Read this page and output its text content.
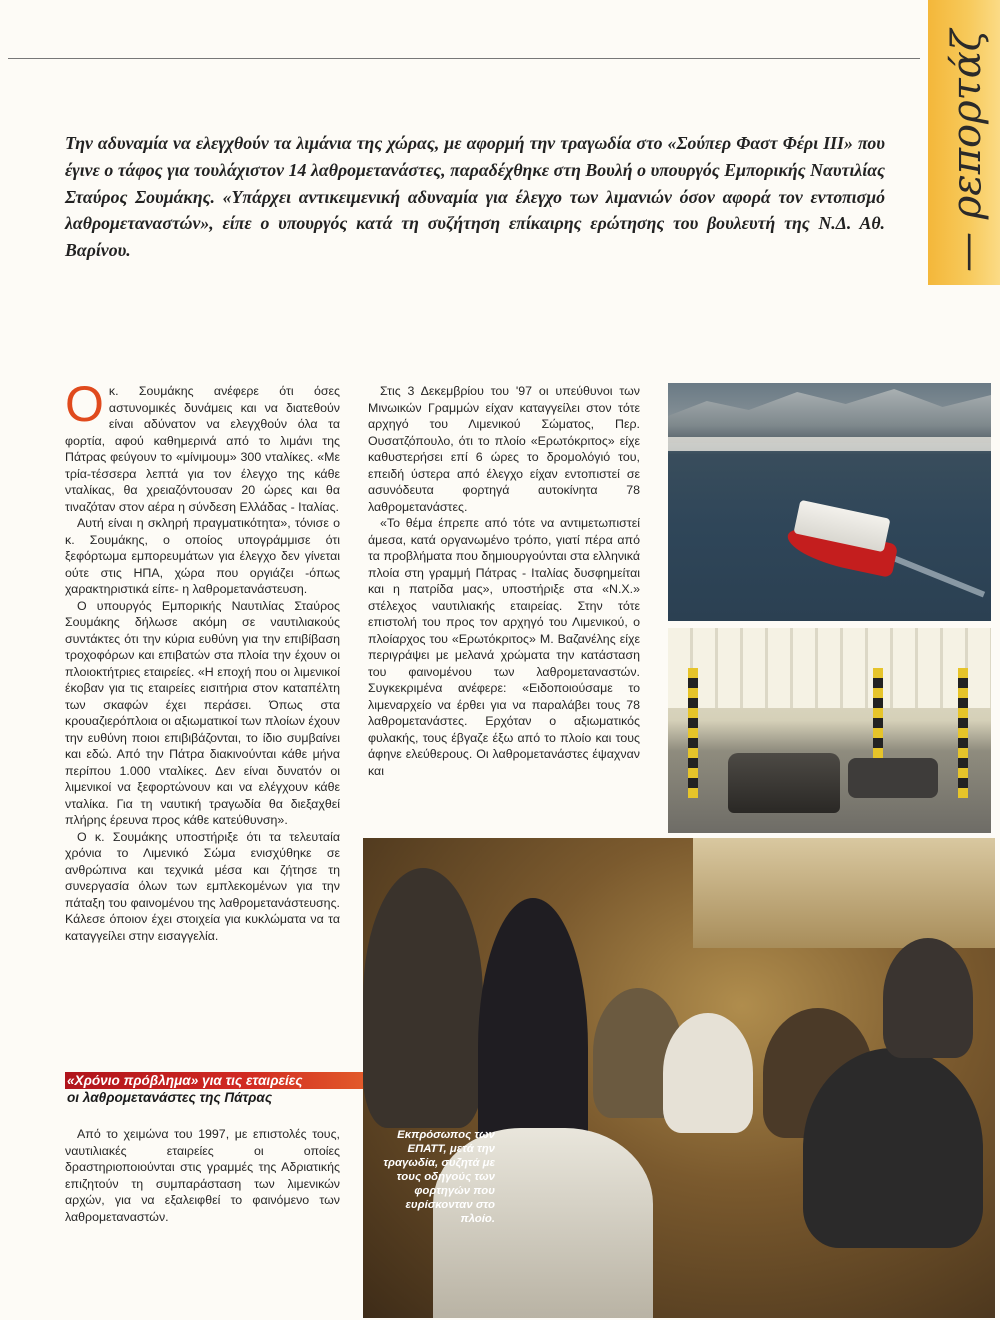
— ρεπορτάζ

Την αδυναμία να ελεγχθούν τα λιμάνια της χώρας, με αφορμή την τραγωδία στο «Σούπερ Φαστ Φέρι ΙΙΙ» που έγινε ο τάφος για τουλάχιστον 14 λαθρομετανάστες, παραδέχθηκε στη Βουλή ο υπουργός Εμπορικής Ναυτιλίας Σταύρος Σουμάκης. «Υπάρχει αντικειμενική αδυναμία για έλεγχο των λιμανιών όσον αφορά τον εντοπισμό λαθρομεταναστών», είπε ο υπουργός κατά τη συζήτηση επίκαιρης ερώτησης του βουλευτή της Ν.Δ. Αθ. Βαρίνου.

Οκ. Σουμάκης ανέφερε ότι όσες αστυνομικές δυνάμεις και να διατεθούν είναι αδύνατον να ελεγχθούν όλα τα φορτία, αφού καθημερινά από το λιμάνι της Πάτρας φεύγουν το «μίνιμουμ» 300 νταλίκες. «Με τρία-τέσσερα λεπτά για τον έλεγχο της κάθε νταλίκας, θα χρειαζόντουσαν 20 ώρες και θα τιναζόταν στον αέρα η σύνδεση Ελλάδας - Ιταλίας.

Αυτή είναι η σκληρή πραγματικότητα», τόνισε ο κ. Σουμάκης, ο οποίος υπογράμμισε ότι ξεφόρτωμα εμπορευμάτων για έλεγχο δεν γίνεται ούτε στις ΗΠΑ, χώρα που οργιάζει -όπως χαρακτηριστικά είπε- η λαθρομετανάστευση.

Ο υπουργός Εμπορικής Ναυτιλίας Σταύρος Σουμάκης δήλωσε ακόμη σε ναυτιλιακούς συντάκτες ότι την κύρια ευθύνη για την επιβίβαση τροχοφόρων και επιβατών στα πλοία την έχουν οι πλοιοκτήτριες εταιρείες. «Η εποχή που οι λιμενικοί έκοβαν για τις εταιρείες εισιτήρια στον καταπέλτη των σκαφών έχει περάσει. Όπως στα κρουαζιερόπλοια οι αξιωματικοί των πλοίων έχουν την ευθύνη ποιοι επιβιβάζονται, το ίδιο συμβαίνει και εδώ. Από την Πάτρα διακινούνται κάθε μήνα περίπου 1.000 νταλίκες. Δεν είναι δυνατόν οι λιμενικοί να ξεφορτώνουν και να ελέγχουν κάθε νταλίκα. Για τη ναυτική τραγωδία θα διεξαχθεί πλήρης έρευνα προς κάθε κατεύθυνση».

Ο κ. Σουμάκης υποστήριξε ότι τα τελευταία χρόνια το Λιμενικό Σώμα ενισχύθηκε σε ανθρώπινα και τεχνικά μέσα και ζήτησε τη συνεργασία όλων των εμπλεκομένων για την πάταξη του φαινομένου της λαθρομετανάστευσης. Κάλεσε όποιον έχει στοιχεία για κυκλώματα να τα καταγγείλει στην εισαγγελία.

«Χρόνιο πρόβλημα» για τις εταιρείες
οι λαθρομετανάστες της Πάτρας

Από το χειμώνα του 1997, με επιστολές τους, ναυτιλιακές εταιρείες οι οποίες δραστηριοποιούνται στις γραμμές της Αδριατικής επιζητούν τη συμπαράσταση των λιμενικών αρχών, για να εξαλειφθεί το φαινόμενο των λαθρομεταναστών.

Στις 3 Δεκεμβρίου του '97 οι υπεύθυνοι των Μινωικών Γραμμών είχαν καταγγείλει στον τότε αρχηγό του Λιμενικού Σώματος, Περ. Ουσατζόπουλο, ότι το πλοίο «Ερωτόκριτος» είχε καθυστερήσει επί 6 ώρες το δρομολόγιό του, επειδή ύστερα από έλεγχο είχαν εντοπιστεί σε ασυνόδευτα φορτηγά αυτοκίνητα 78 λαθρομετανάστες.

«Το θέμα έπρεπε από τότε να αντιμετωπιστεί άμεσα, κατά οργανωμένο τρόπο, γιατί πέρα από τα προβλήματα που δημιουργούνται στα ελληνικά πλοία στη γραμμή Πάτρας - Ιταλίας δυσφημείται και η πατρίδα μας», υποστήριξε στα «Ν.Χ.» στέλεχος ναυτιλιακής εταιρείας. Στην τότε επιστολή του προς τον αρχηγό του Λιμενικού, ο πλοίαρχος του «Ερωτόκριτος» Μ. Βαζανέλης είχε περιγράψει με μελανά χρώματα την κατάσταση του φαινομένου των λαθρομεταναστών. Συγκεκριμένα ανέφερε: «Ειδοποιούσαμε το λιμεναρχείο να έρθει για να παραλάβει τους 78 λαθρομετανάστες. Ερχόταν ο αξιωματικός φυλακής, τους έβγαζε έξω από το πλοίο και τους άφηνε ελεύθερους. Οι λαθρομετανάστες έψαχναν και

Εκπρόσωπος των ΕΠΑΤΤ, μετά την τραγωδία, συζητά με τους οδηγούς των φορτηγών που ευρίσκονταν στο πλοίο.
